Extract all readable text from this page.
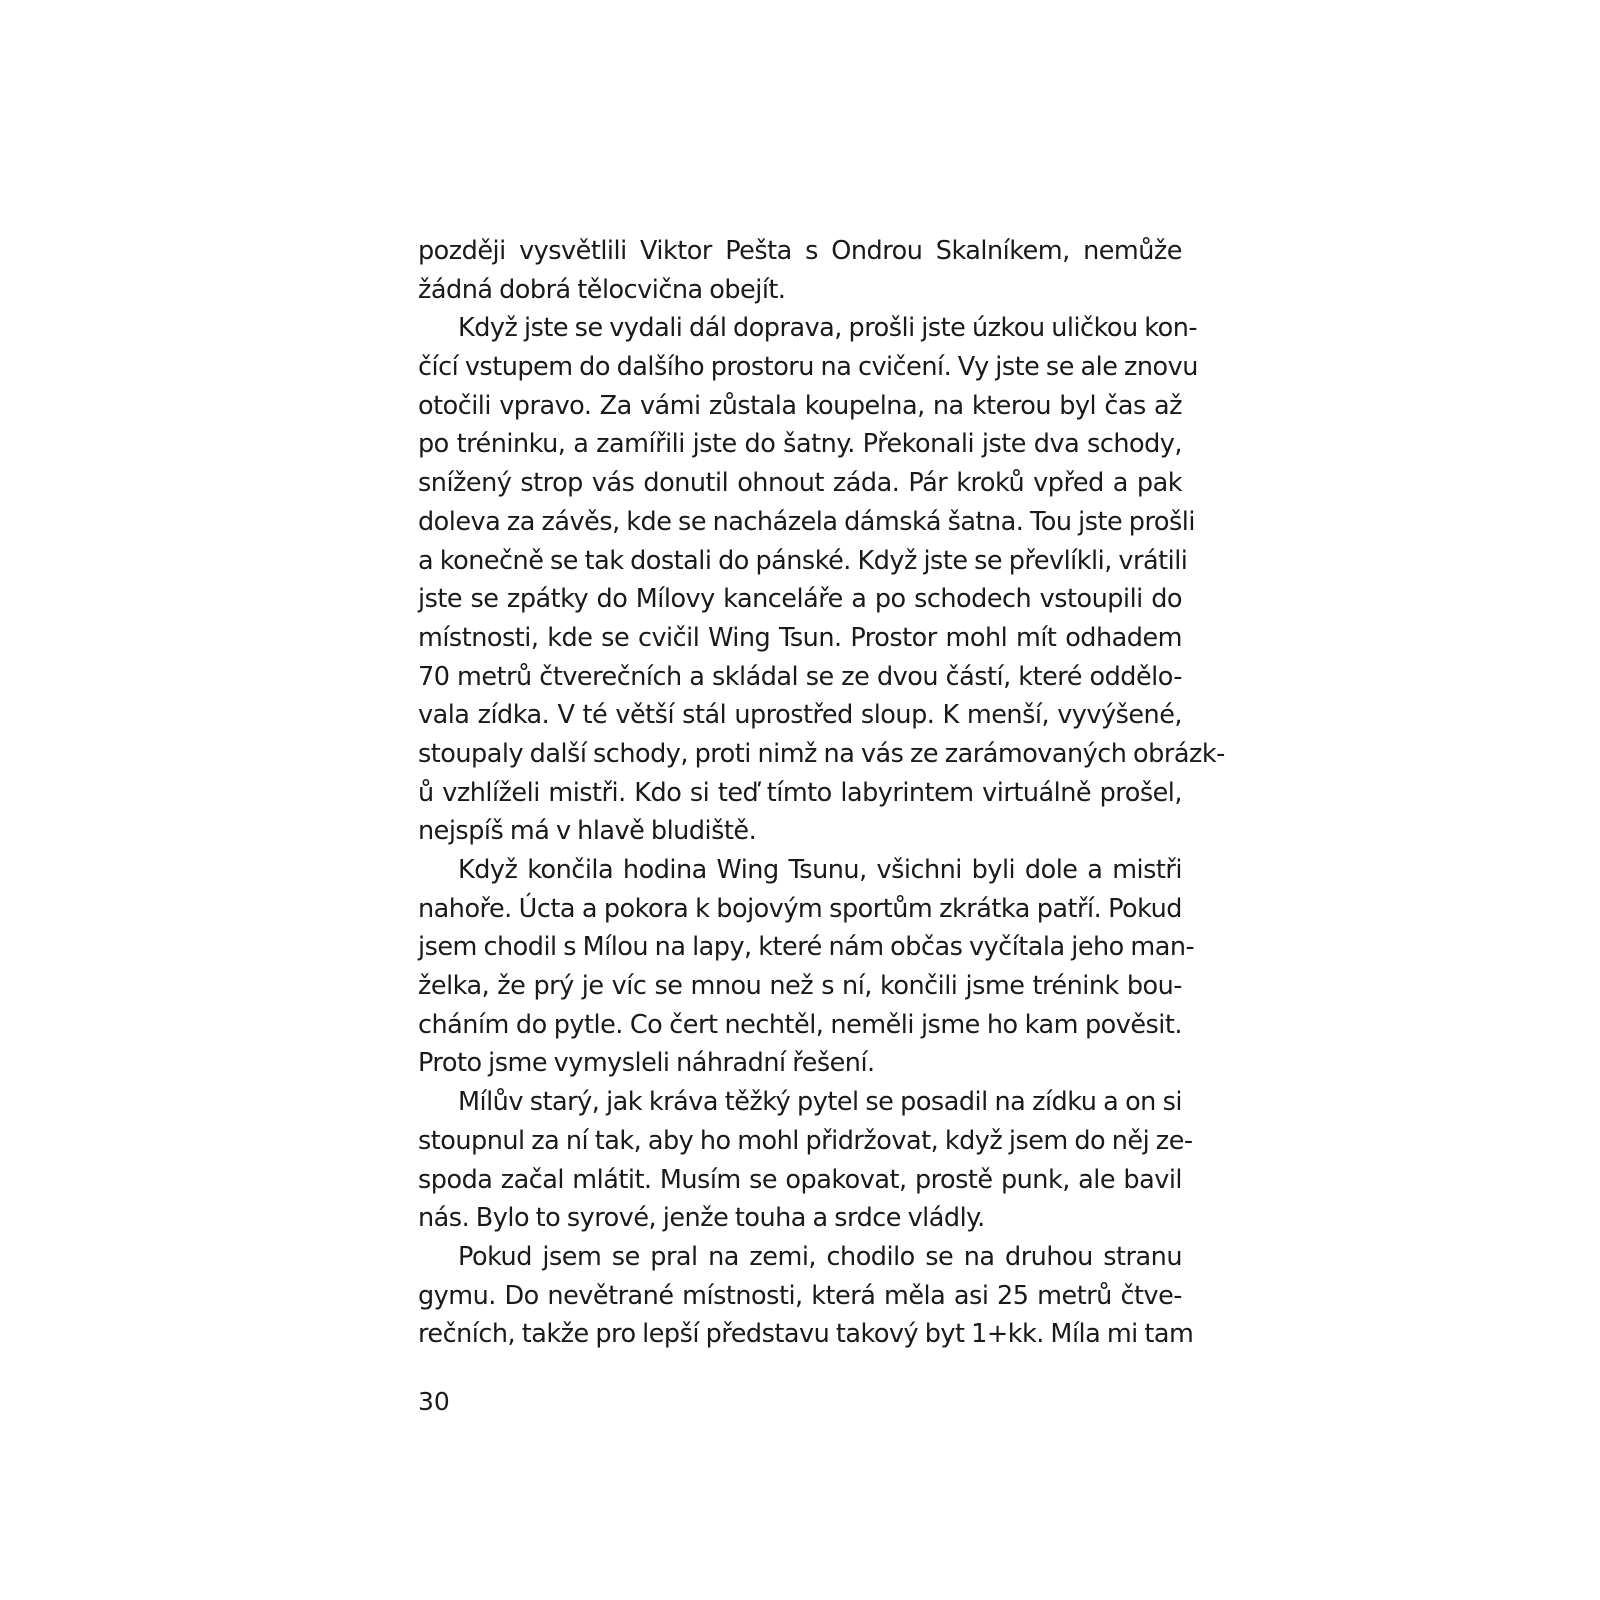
později vysvětlili Viktor Pešta s Ondrou Skalníkem, nemůže
žádná dobrá tělocvična obejít.
Když jste se vydali dál doprava, prošli jste úzkou uličkou kon-
čící vstupem do dalšího prostoru na cvičení. Vy jste se ale znovu
otočili vpravo. Za vámi zůstala koupelna, na kterou byl čas až
po tréninku, a zamířili jste do šatny. Překonali jste dva schody,
snížený strop vás donutil ohnout záda. Pár kroků vpřed a pak
doleva za závěs, kde se nacházela dámská šatna. Tou jste prošli
a konečně se tak dostali do pánské. Když jste se převlíkli, vrátili
jste se zpátky do Mílovy kanceláře a po schodech vstoupili do
místnosti, kde se cvičil Wing Tsun. Prostor mohl mít odhadem
70 metrů čtverečních a skládal se ze dvou částí, které oddělo-
vala zídka. V té větší stál uprostřed sloup. K menší, vyvýšené,
stoupaly další schody, proti nimž na vás ze zarámovaných obrázk-
ů vzhlíželi mistři. Kdo si teď tímto labyrintem virtuálně prošel,
nejspíš má v hlavě bludiště.
Když končila hodina Wing Tsunu, všichni byli dole a mistři
nahoře. Úcta a pokora k bojovým sportům zkrátka patří. Pokud
jsem chodil s Mílou na lapy, které nám občas vyčítala jeho man-
želka, že prý je víc se mnou než s ní, končili jsme trénink bou-
cháním do pytle. Co čert nechtěl, neměli jsme ho kam pověsit.
Proto jsme vymysleli náhradní řešení.
Mílův starý, jak kráva těžký pytel se posadil na zídku a on si
stoupnul za ní tak, aby ho mohl přidržovat, když jsem do něj ze-
spoda začal mlátit. Musím se opakovat, prostě punk, ale bavil
nás. Bylo to syrové, jenže touha a srdce vládly.
Pokud jsem se pral na zemi, chodilo se na druhou stranu
gymu. Do nevětrané místnosti, která měla asi 25 metrů čtve-
rečních, takže pro lepší představu takový byt 1+kk. Míla mi tam
30
